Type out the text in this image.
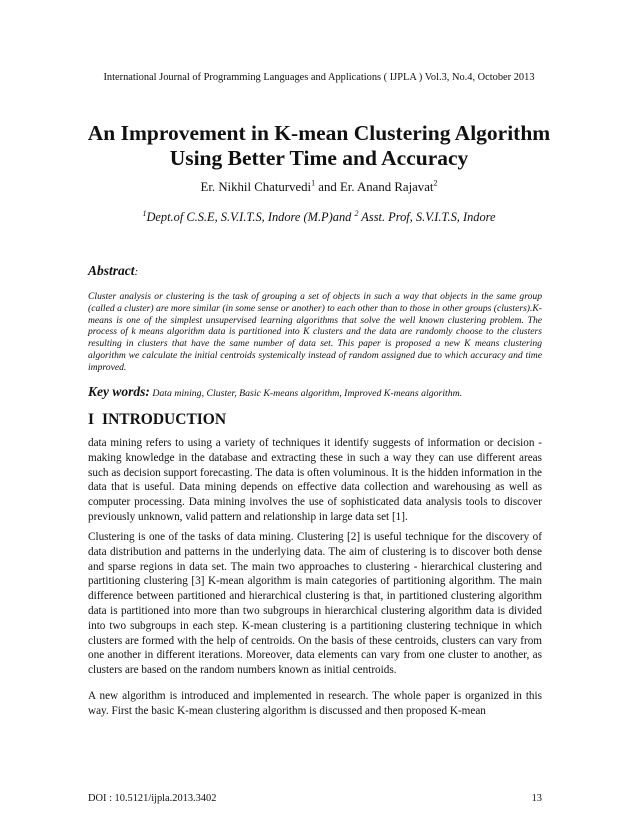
International Journal of Programming Languages and Applications ( IJPLA ) Vol.3, No.4, October 2013
An Improvement in K-mean Clustering Algorithm
Using Better Time and Accuracy
Er. Nikhil Chaturvedi$^1$ and Er. Anand Rajavat$^2$
$^1$Dept.of C.S.E, S.V.I.T.S, Indore (M.P)and $^2$ Asst. Prof, S.V.I.T.S, Indore
Abstract:
Cluster analysis or clustering is the task of grouping a set of objects in such a way that objects in the same group (called a cluster) are more similar (in some sense or another) to each other than to those in other groups (clusters).K-means is one of the simplest unsupervised learning algorithms that solve the well known clustering problem. The process of k means algorithm data is partitioned into K clusters and the data are randomly choose to the clusters resulting in clusters that have the same number of data set. This paper is proposed a new K means clustering algorithm we calculate the initial centroids systemically instead of random assigned due to which accuracy and time improved.
Key words: Data mining, Cluster, Basic K-means algorithm, Improved K-means algorithm.
I INTRODUCTION
data mining refers to using a variety of techniques it identify suggests of information or decision - making knowledge in the database and extracting these in such a way they can use different areas such as decision support forecasting. The data is often voluminous. It is the hidden information in the data that is useful. Data mining depends on effective data collection and warehousing as well as computer processing. Data mining involves the use of sophisticated data analysis tools to discover previously unknown, valid pattern and relationship in large data set [1].
Clustering is one of the tasks of data mining. Clustering [2] is useful technique for the discovery of data distribution and patterns in the underlying data. The aim of clustering is to discover both dense and sparse regions in data set. The main two approaches to clustering - hierarchical clustering and partitioning clustering [3] K-mean algorithm is main categories of partitioning algorithm. The main difference between partitioned and hierarchical clustering is that, in partitioned clustering algorithm data is partitioned into more than two subgroups in hierarchical clustering algorithm data is divided into two subgroups in each step. K-mean clustering is a partitioning clustering technique in which clusters are formed with the help of centroids. On the basis of these centroids, clusters can vary from one another in different iterations. Moreover, data elements can vary from one cluster to another, as clusters are based on the random numbers known as initial centroids.
A new algorithm is introduced and implemented in research. The whole paper is organized in this way. First the basic K-mean clustering algorithm is discussed and then proposed K-mean
DOI : 10.5121/ijpla.2013.3402	13
